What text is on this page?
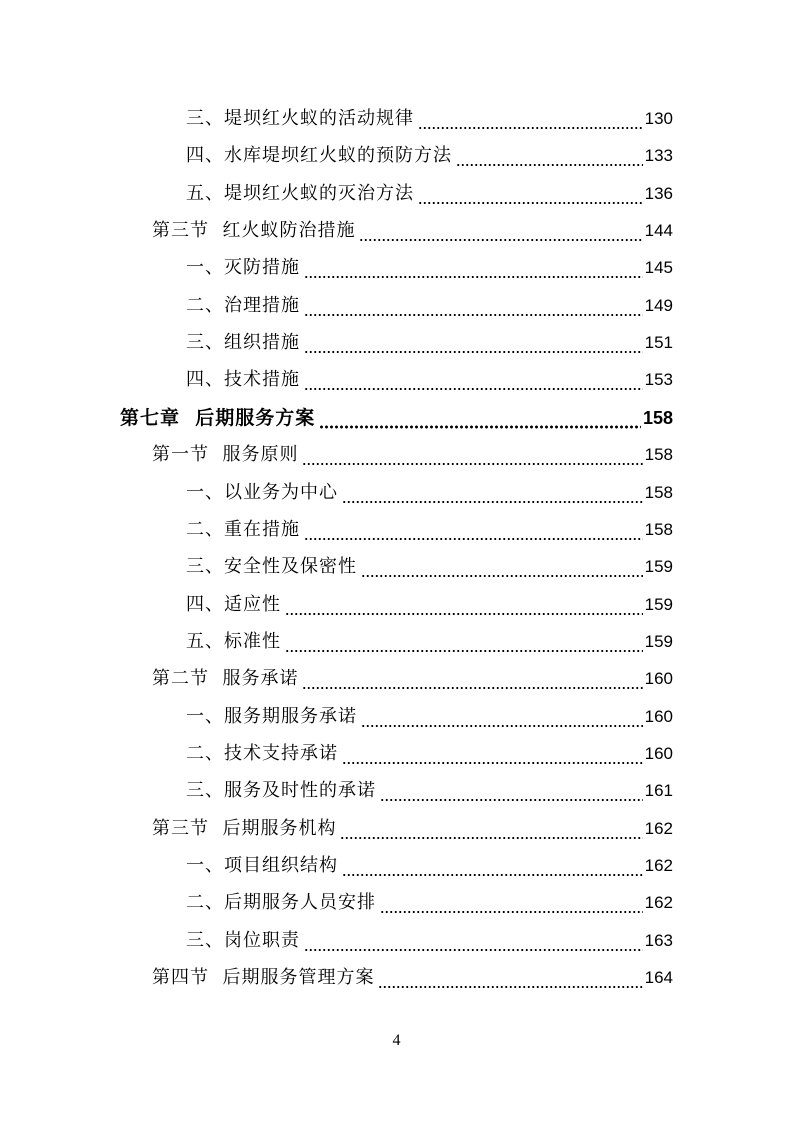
三、堤坝红火蚁的活动规律	130
四、水库堤坝红火蚁的预防方法	133
五、堤坝红火蚁的灭治方法	136
第三节  红火蚁防治措施	144
一、灭防措施	145
二、治理措施	149
三、组织措施	151
四、技术措施	153
第七章  后期服务方案	158
第一节  服务原则	158
一、以业务为中心	158
二、重在措施	158
三、安全性及保密性	159
四、适应性	159
五、标准性	159
第二节  服务承诺	160
一、服务期服务承诺	160
二、技术支持承诺	160
三、服务及时性的承诺	161
第三节  后期服务机构	162
一、项目组织结构	162
二、后期服务人员安排	162
三、岗位职责	163
第四节  后期服务管理方案	164
4
